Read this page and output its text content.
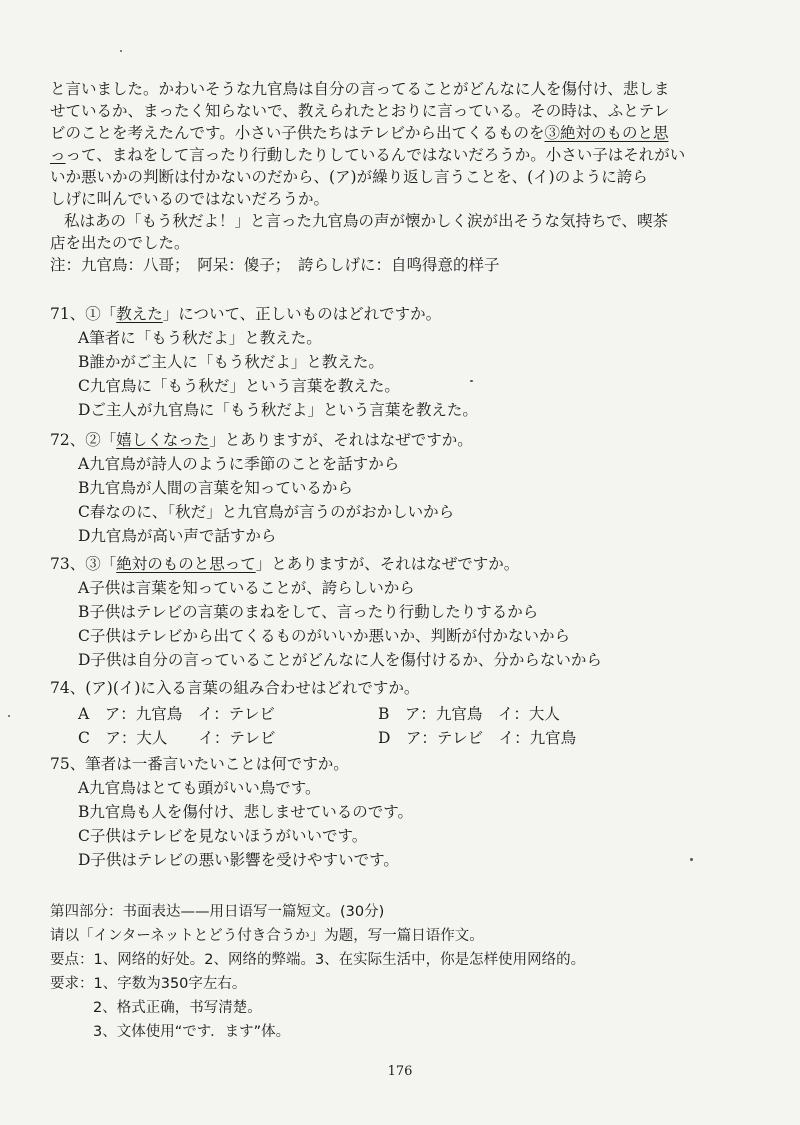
と言いました。かわいそうな九官鳥は自分の言ってることがどんなに人を傷付け、悲しま
せているか、まったく知らないで、教えられたとおりに言っている。その時は、ふとテレ
ビのことを考えたんです。小さい子供たちはテレビから出てくるものを③絶対のものと思
っって、まねをして言ったり行動したりしているんではないだろうか。小さい子はそれがい
いか悪いかの判断は付かないのだから、(ア)が繰り返し言うことを、(イ)のように誇ら
しげに叫んでいるのではないだろうか。
私はあの「もう秋だよ！」と言った九官鳥の声が懐かしく涙が出そうな気持ちで、喫茶
店を出たのでした。
注：九官鳥：八哥；　阿呆：傻子；　誇らしげに：自鸣得意的样子
71、①「教えた」について、正しいものはどれですか。
A筆者に「もう秋だよ」と教えた。
B誰かがご主人に「もう秋だよ」と教えた。
C九官鳥に「もう秋だ」という言葉を教えた。
Dご主人が九官鳥に「もう秋だよ」という言葉を教えた。
72、②「嬉しくなった」とありますが、それはなぜですか。
A九官鳥が詩人のように季節のことを話すから
B九官鳥が人間の言葉を知っているから
C春なのに、「秋だ」と九官鳥が言うのがおかしいから
D九官鳥が高い声で話すから
73、③「絶対のものと思って」とありますが、それはなぜですか。
A子供は言葉を知っていることが、誇らしいから
B子供はテレビの言葉のまねをして、言ったり行動したりするから
C子供はテレビから出てくるものがいいか悪いか、判断が付かないから
D子供は自分の言っていることがどんなに人を傷付けるか、分からないから
74、(ア)(イ)に入る言葉の組み合わせはどれですか。
A　ア：九官鳥　イ：テレビ	B　ア：九官鳥　イ：大人
C　ア：大人　　イ：テレビ	D　ア：テレビ　イ：九官鳥
75、筆者は一番言いたいことは何ですか。
A九官鳥はとても頭がいい鳥です。
B九官鳥も人を傷付け、悲しませているのです。
C子供はテレビを見ないほうがいいです。
D子供はテレビの悪い影響を受けやすいです。
第四部分：书面表达——用日语写一篇短文。(30分)
请以「インターネットとどう付き合うか」为题，写一篇日语作文。
要点：1、网络的好处。2、网络的弊端。3、在实际生活中，你是怎样使用网络的。
要求：1、字数为350字左右。
2、格式正确，书写清楚。
3、文体使用“です．ます”体。
176
